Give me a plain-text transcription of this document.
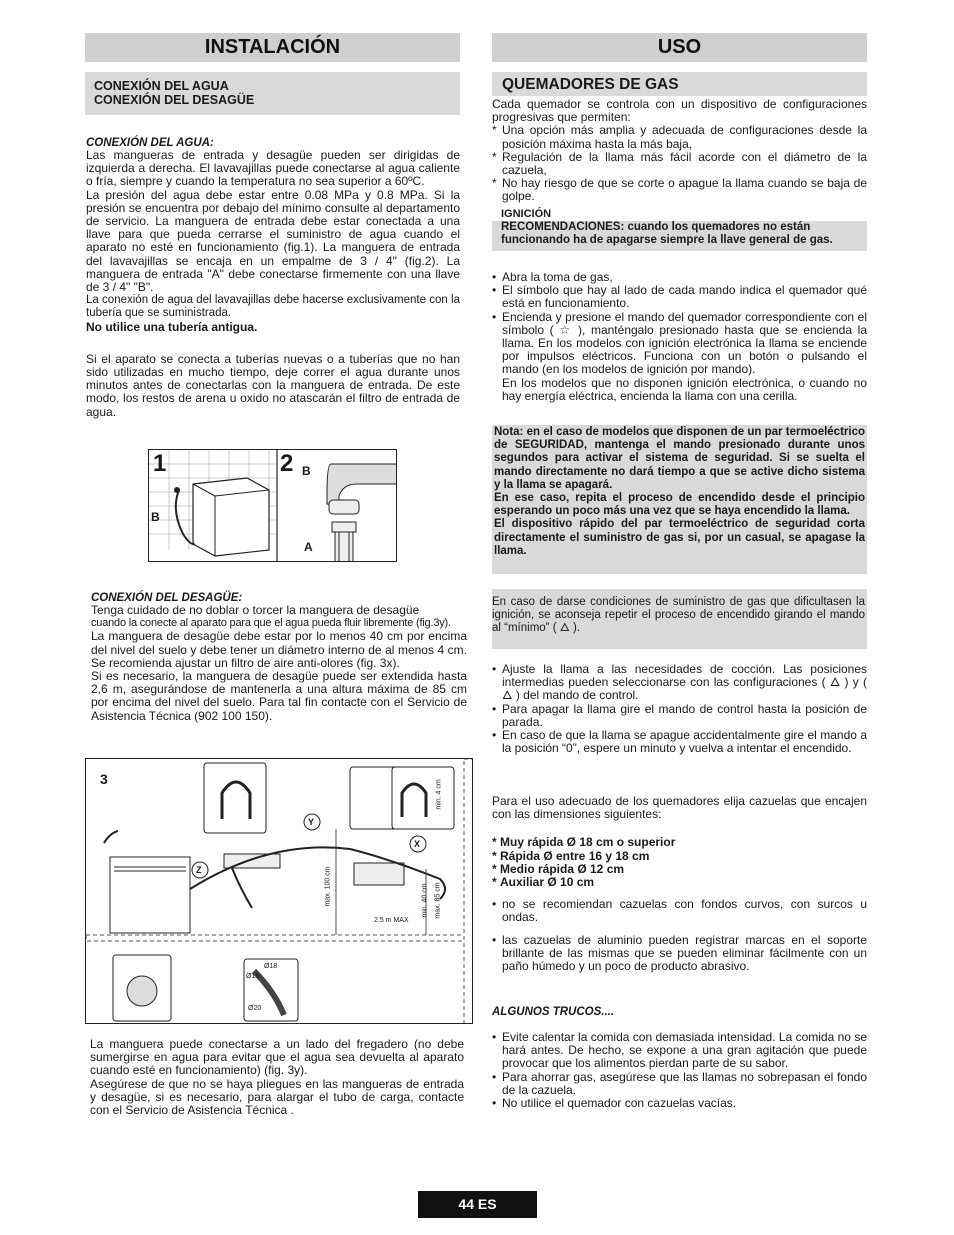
INSTALACIÓN
CONEXIÓN DEL AGUA
CONEXIÓN DEL DESAGÜE
CONEXIÓN DEL AGUA:

Las mangueras de entrada y desagüe pueden ser dirigidas de izquierda a derecha. El lavavajillas puede conectarse al agua caliente o fría, siempre y cuando la temperatura no sea superior a 60ºC.

La presión del agua debe estar entre 0.08 MPa y 0.8 MPa. Si la presión se encuentra por debajo del mínimo consulte al departamento de servicio. La manguera de entrada debe estar conectada a una llave para que pueda cerrarse el suministro de agua cuando el aparato no esté en funcionamiento (fig.1). La manguera de entrada del lavavajillas se encaja en un empalme de 3 / 4" (fig.2). La manguera de entrada "A" debe conectarse firmemente con una llave de 3 / 4" "B".

La conexión de agua del lavavajillas debe hacerse exclusivamente con la tubería que se suministrada.

No utilice una tubería antigua.

Si el aparato se conecta a tuberías nuevas o a tuberías que no han sido utilizadas en mucho tiempo, deje correr el agua durante unos minutos antes de conectarlas con la manguera de entrada. De este modo, los restos de arena u oxido no atascarán el filtro de entrada de agua.

1	2
B
B
A
CONEXIÓN DEL DESAGÜE:

Tenga cuidado de no doblar o torcer la manguera de desagüe

cuando la conecte al aparato para que el agua pueda fluir libremente (fig.3y).

La manguera de desagüe debe estar por lo menos 40 cm por encima del nivel del suelo y debe tener un diámetro interno de al menos 4 cm. Se recomienda ajustar un filtro de aire anti-olores (fig. 3x).

Si es necesario, la manguera de desagüe puede ser extendida hasta 2,6 m, asegurándose de mantenerla a una altura máxima de 85 cm por encima del nivel del suelo. Para tal fin contacte con el Servicio de Asistencia Técnica (902 100 150).

3
Z
Y
X
max. 100 cm	min. 40 cm max. 85 cm
min. 4 cm
2.5 m MAX
Ø18
Ø15
Ø20

La manguera puede conectarse a un lado del fregadero (no debe sumergirse en agua para evitar que el agua sea devuelta al aparato cuando esté en funcionamiento) (fig. 3y).

Asegúrese de que no se haya pliegues en las mangueras de entrada y desagüe, si es necesario, para alargar el tubo de carga, contacte con el Servicio de Asistencia Técnica .

USO
QUEMADORES DE GAS

Cada quemador se controla con un dispositivo de configuraciones progresivas que permiten:

* Una opción más amplia y adecuada de configuraciones desde la posición máxima hasta la más baja,
* Regulación de la llama más fácil acorde con el diámetro de la cazuela,
* No hay riesgo de que se corte o apague la llama cuando se baja de golpe.
IGNICIÓN
RECOMENDACIONES: cuando los quemadores no están funcionando ha de apagarse siempre la llave general de gas.
• Abra la toma de gas,
• El símbolo que hay al lado de cada mando indica el quemador qué está en funcionamiento.
• Encienda y presione el mando del quemador correspondiente con el símbolo ( ☆ ), manténgalo presionado hasta que se encienda la llama. En los modelos con ignición electrónica la llama se enciende por impulsos eléctricos. Funciona con un botón o pulsando el mando (en los modelos de ignición por mando).

En los modelos que no disponen ignición electrónica, o cuando no hay energía eléctrica, encienda la llama con una cerilla.

Nota: en el caso de modelos que disponen de un par termoeléctrico de SEGURIDAD, mantenga el mando presionado durante unos segundos para activar el sistema de seguridad. Si se suelta el mando directamente no dará tiempo a que se active dicho sistema y la llama se apagará.

En ese caso, repita el proceso de encendido desde el principio esperando un poco más una vez que se haya encendido la llama.

El dispositivo rápido del par termoeléctrico de seguridad corta directamente el suministro de gas si, por un casual, se apagase la llama.

En caso de darse condiciones de suministro de gas que dificultasen la ignición, se aconseja repetir el proceso de encendido girando el mando al “mínimo” ( 🜂 ).

• Ajuste la llama a las necesidades de cocción. Las posiciones intermedias pueden seleccionarse con las configuraciones ( 🜂 ) y ( 🜂 ) del mando de control.
• Para apagar la llama gire el mando de control hasta la posición de parada.
• En caso de que la llama se apague accidentalmente gire el mando a la posición “0”, espere un minuto y vuelva a intentar el encendido.

Para el uso adecuado de los quemadores elija cazuelas que encajen con las dimensiones siguientes:

* Muy rápida Ø 18 cm o superior
* Rápida Ø entre 16 y 18 cm
* Medio rápida Ø 12 cm
* Auxiliar Ø 10 cm
• no se recomiendan cazuelas con fondos curvos, con surcos u ondas.
• las cazuelas de aluminio pueden registrar marcas en el soporte brillante de las mismas que se pueden eliminar fácilmente con un paño húmedo y un poco de producto abrasivo.
ALGUNOS TRUCOS....
• Evite calentar la comida con demasiada intensidad. La comida no se hará antes. De hecho, se expone a una gran agitación que puede provocar que los alimentos pierdan parte de su sabor.
• Para ahorrar gas, asegúrese que las llamas no sobrepasan el fondo de la cazuela.
• No utilice el quemador con cazuelas vacías.
44 ES
